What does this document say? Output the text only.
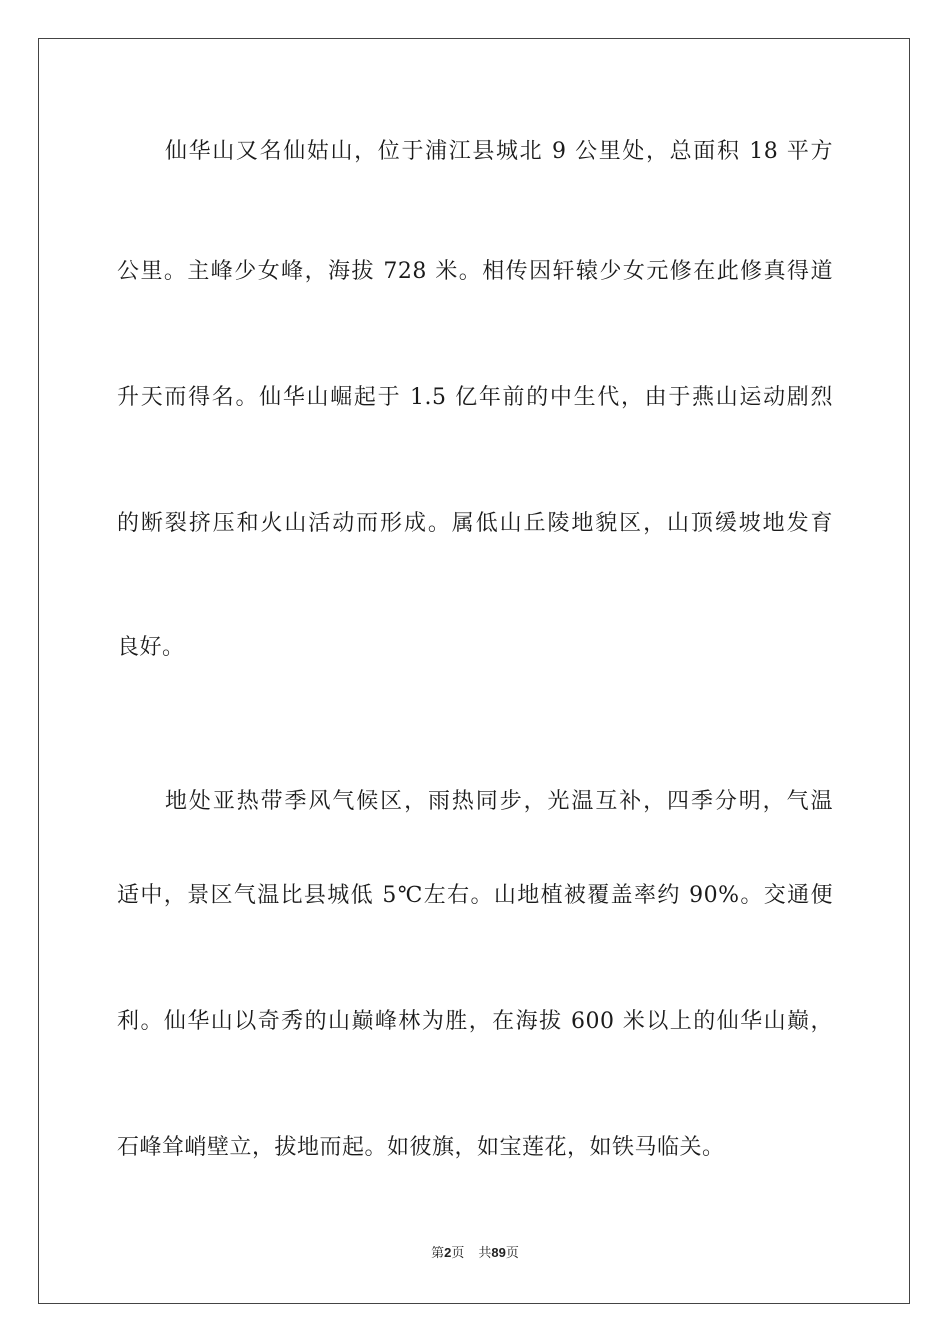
仙华山又名仙姑山，位于浦江县城北 9 公里处，总面积 18 平方
公里。主峰少女峰，海拔 728 米。相传因轩辕少女元修在此修真得道
升天而得名。仙华山崛起于 1.5 亿年前的中生代，由于燕山运动剧烈
的断裂挤压和火山活动而形成。属低山丘陵地貌区，山顶缓坡地发育
良好。
地处亚热带季风气候区，雨热同步，光温互补，四季分明，气温
适中，景区气温比县城低 5℃左右。山地植被覆盖率约 90%。交通便
利。仙华山以奇秀的山巅峰林为胜，在海拔 600 米以上的仙华山巅，
石峰耸峭壁立，拔地而起。如彼旗，如宝莲花，如铁马临关。
第2页 共89页
